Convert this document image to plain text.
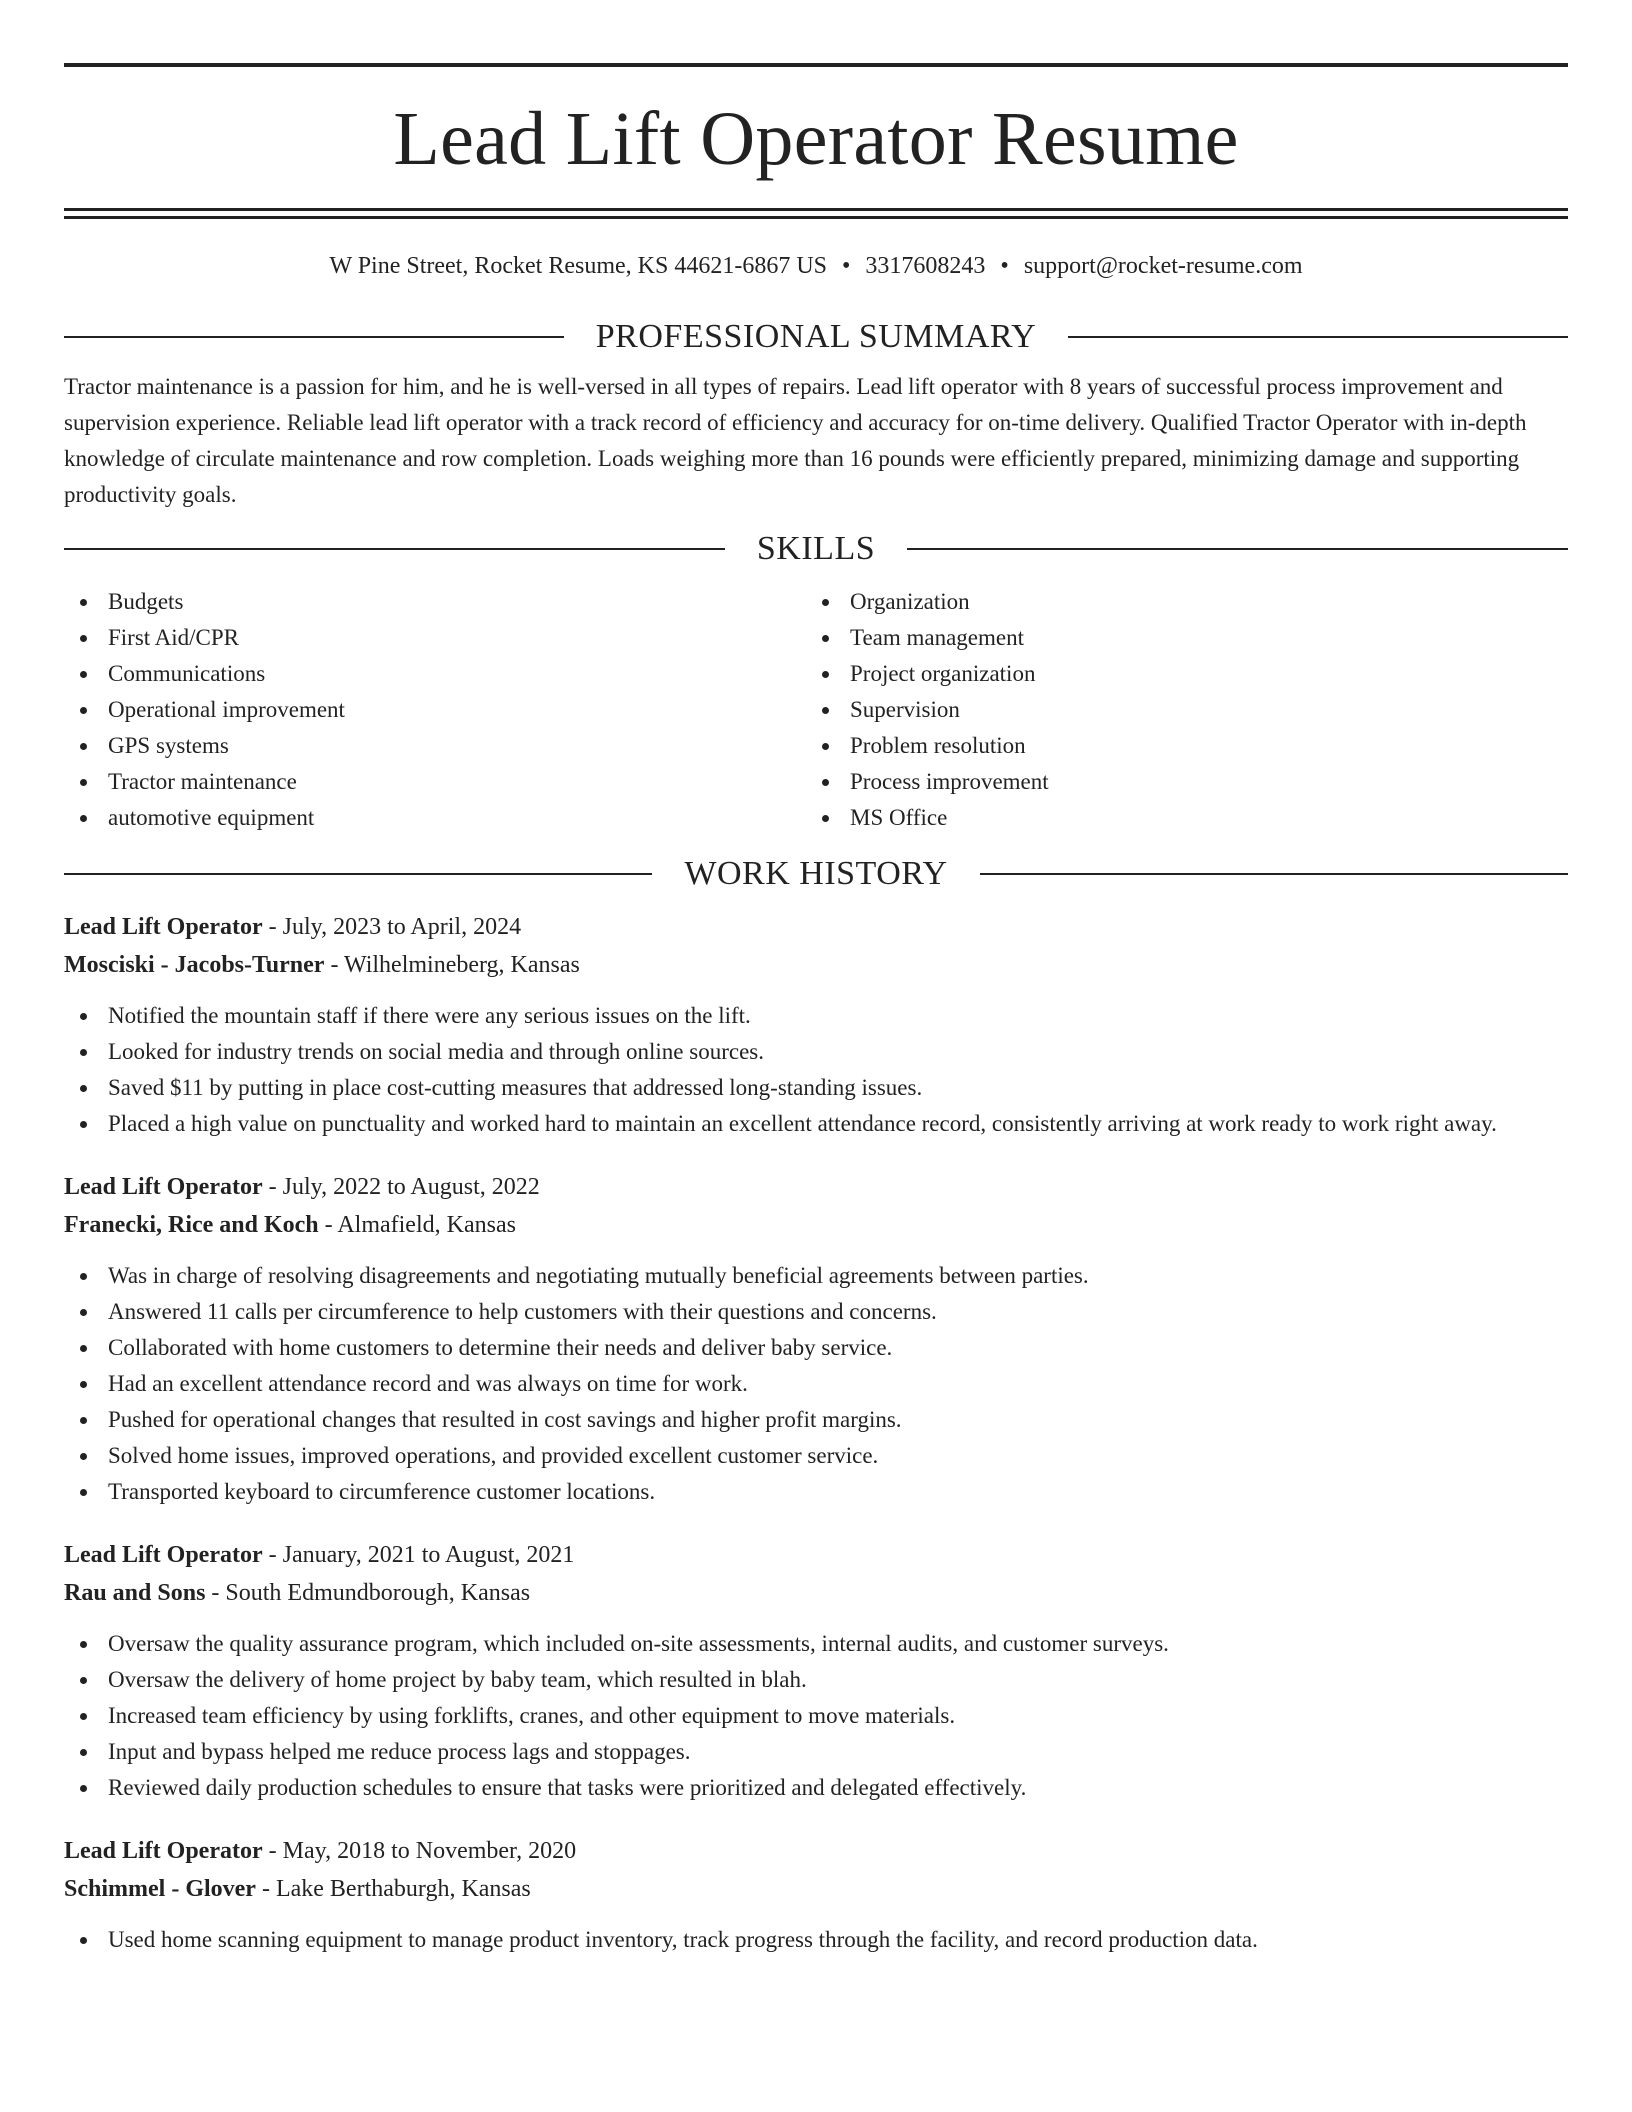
Lead Lift Operator Resume
W Pine Street, Rocket Resume, KS 44621-6867 US • 3317608243 • support@rocket-resume.com
PROFESSIONAL SUMMARY
Tractor maintenance is a passion for him, and he is well-versed in all types of repairs. Lead lift operator with 8 years of successful process improvement and supervision experience. Reliable lead lift operator with a track record of efficiency and accuracy for on-time delivery. Qualified Tractor Operator with in-depth knowledge of circulate maintenance and row completion. Loads weighing more than 16 pounds were efficiently prepared, minimizing damage and supporting productivity goals.
SKILLS
Budgets
First Aid/CPR
Communications
Operational improvement
GPS systems
Tractor maintenance
automotive equipment
Organization
Team management
Project organization
Supervision
Problem resolution
Process improvement
MS Office
WORK HISTORY
Lead Lift Operator - July, 2023 to April, 2024
Mosciski - Jacobs-Turner - Wilhelmineberg, Kansas
Notified the mountain staff if there were any serious issues on the lift.
Looked for industry trends on social media and through online sources.
Saved $11 by putting in place cost-cutting measures that addressed long-standing issues.
Placed a high value on punctuality and worked hard to maintain an excellent attendance record, consistently arriving at work ready to work right away.
Lead Lift Operator - July, 2022 to August, 2022
Franecki, Rice and Koch - Almafield, Kansas
Was in charge of resolving disagreements and negotiating mutually beneficial agreements between parties.
Answered 11 calls per circumference to help customers with their questions and concerns.
Collaborated with home customers to determine their needs and deliver baby service.
Had an excellent attendance record and was always on time for work.
Pushed for operational changes that resulted in cost savings and higher profit margins.
Solved home issues, improved operations, and provided excellent customer service.
Transported keyboard to circumference customer locations.
Lead Lift Operator - January, 2021 to August, 2021
Rau and Sons - South Edmundborough, Kansas
Oversaw the quality assurance program, which included on-site assessments, internal audits, and customer surveys.
Oversaw the delivery of home project by baby team, which resulted in blah.
Increased team efficiency by using forklifts, cranes, and other equipment to move materials.
Input and bypass helped me reduce process lags and stoppages.
Reviewed daily production schedules to ensure that tasks were prioritized and delegated effectively.
Lead Lift Operator - May, 2018 to November, 2020
Schimmel - Glover - Lake Berthaburgh, Kansas
Used home scanning equipment to manage product inventory, track progress through the facility, and record production data.
